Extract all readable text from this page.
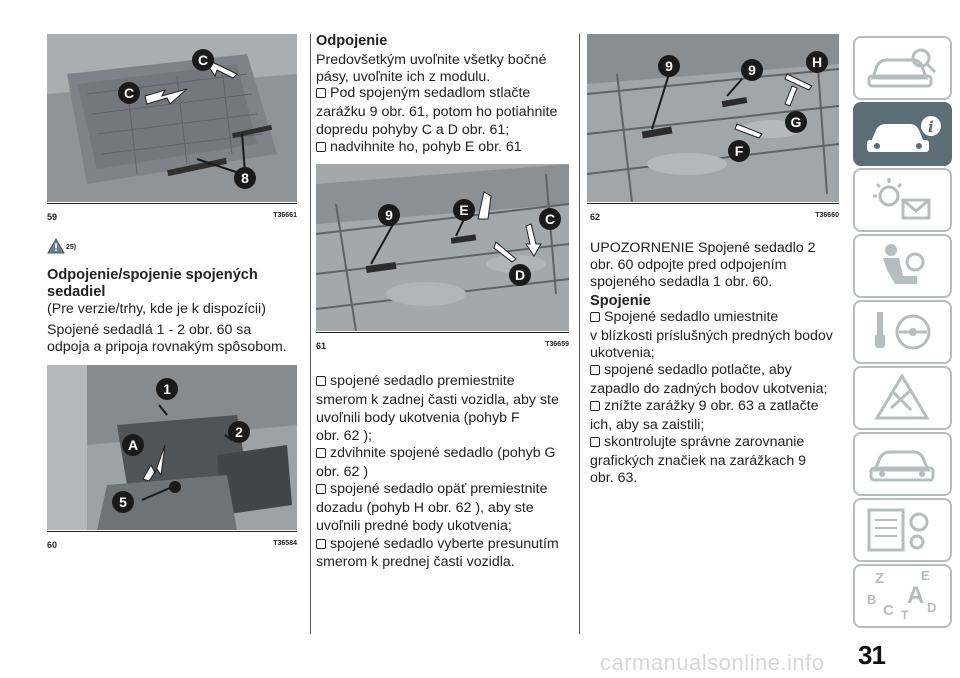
C
C
8
59	T36661
25)
Odpojenie/spojenie spojených
sedadiel
(Pre verzie/trhy, kde je k dispozícii)
Spojené sedadlá 1 - 2 obr. 60 sa
odpoja a pripoja rovnakým spôsobom.
1
A
2
5
60	T36584
Odpojenie
Predovšetkým uvoľnite všetky bočné
pásy, uvoľnite ich z modulu.
Pod spojeným sedadlom stlačte
zarážku 9 obr. 61, potom ho potiahnite
dopredu pohyby C a D obr. 61;
nadvihnite ho, pohyb E obr. 61
9	E
C
D
61	T36659
spojené sedadlo premiestnite
smerom k zadnej časti vozidla, aby ste
uvoľnili body ukotvenia (pohyb F
obr. 62 );
zdvihnite spojené sedadlo (pohyb G
obr. 62 )
spojené sedadlo opäť premiestnite
dozadu (pohyb H obr. 62 ), aby ste
uvoľnili predné body ukotvenia;
spojené sedadlo vyberte presunutím
smerom k prednej časti vozidla.
9	9	H
G
F
62	T36660
UPOZORNENIE Spojené sedadlo 2
obr. 60 odpojte pred odpojením
spojeného sedadla 1 obr. 60.
Spojenie
Spojené sedadlo umiestnite
v blízkosti príslušných predných bodov
ukotvenia;
spojené sedadlo potlačte, aby
zapadlo do zadných bodov ukotvenia;
znížte zarážky 9 obr. 63 a zatlačte
ich, aby sa zaistili;
skontrolujte správne zarovnanie
grafických značiek na zarážkach 9
obr. 63.
i
Z	E
B A
C	D
T
carmanualsonline.info 31
